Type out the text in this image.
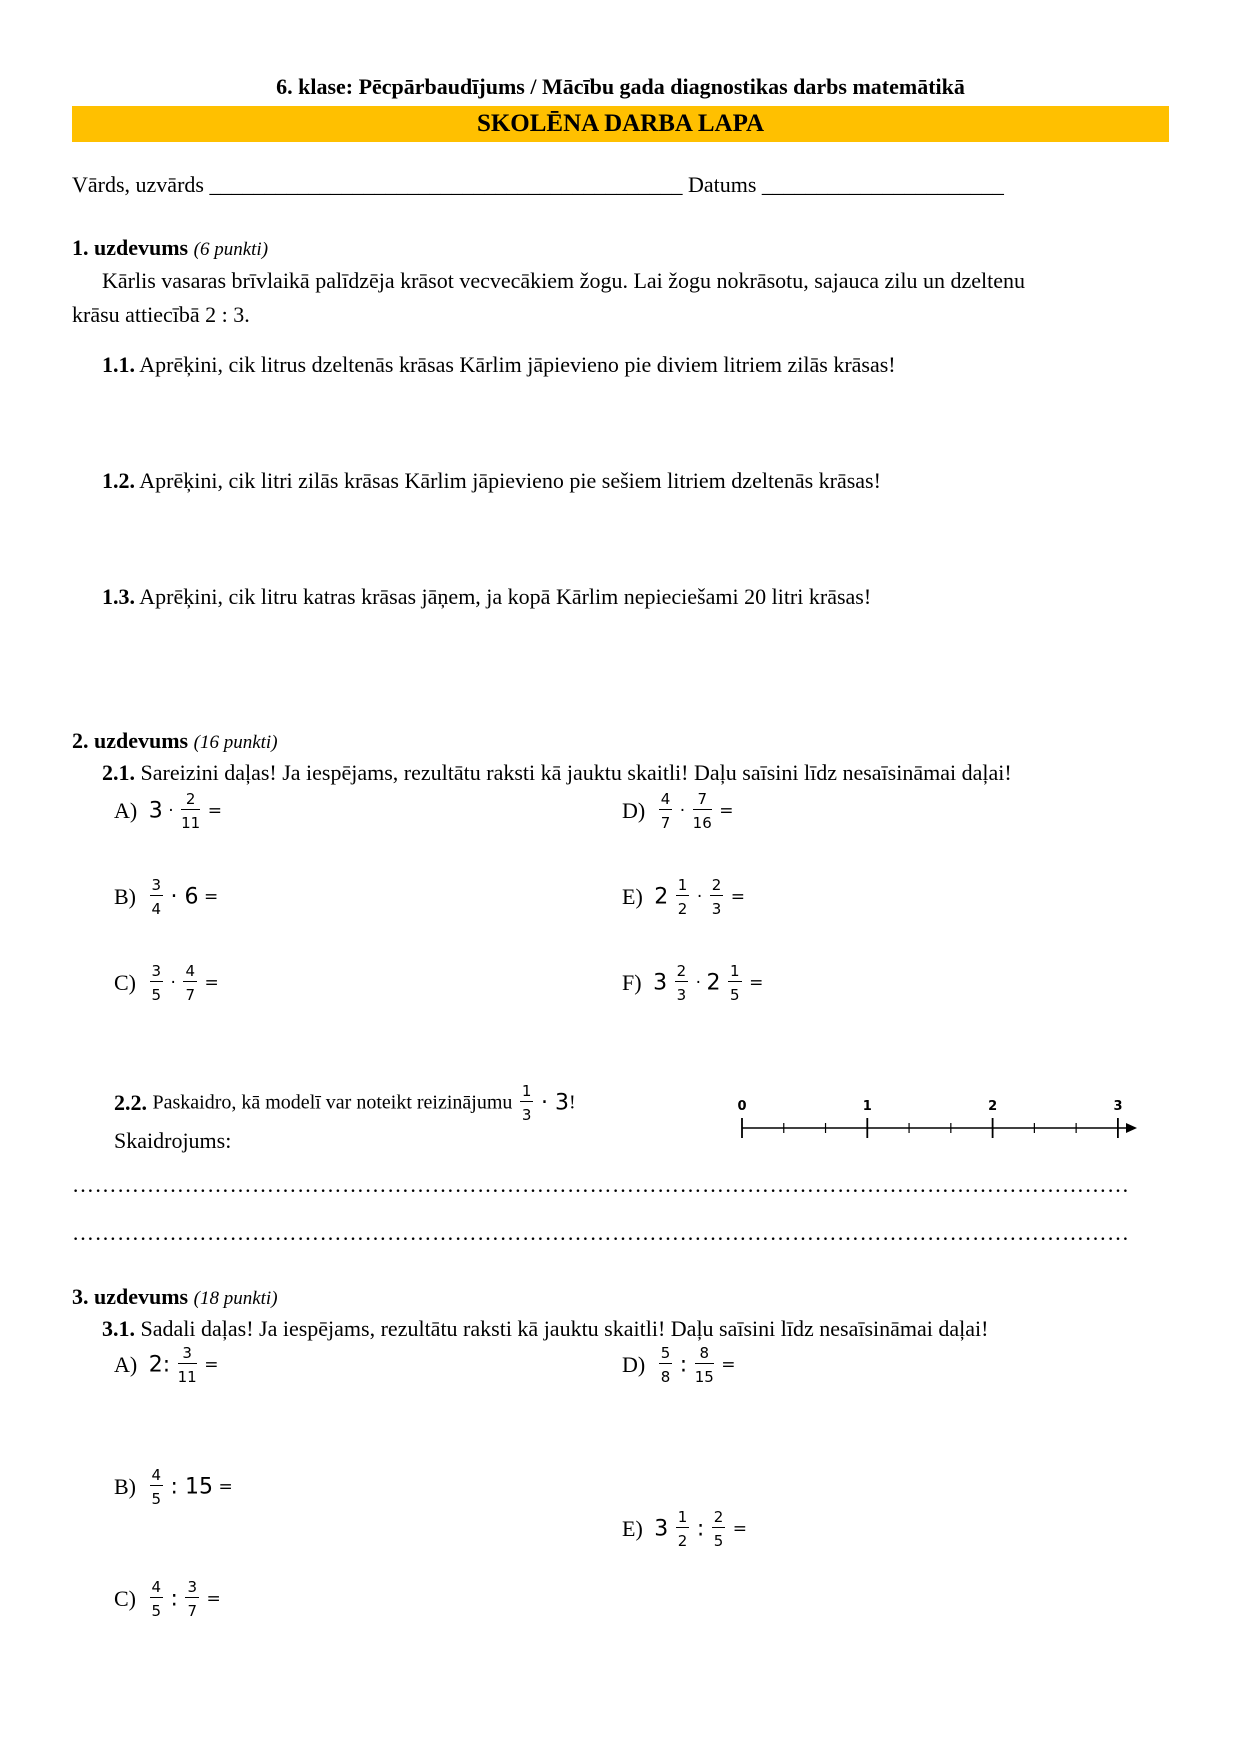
6. klase: Pēcpārbaudījums / Mācību gada diagnostikas darbs matemātikā
SKOLĒNA DARBA LAPA
Vārds, uzvārds ___________________________________________ Datums ______________________
1. uzdevums (6 punkti)
Kārlis vasaras brīvlaikā palīdzēja krāsot vecvecākiem žogu. Lai žogu nokrāsotu, sajauca zilu un dzeltenu
krāsu attiecībā 2 : 3.
1.1. Aprēķini, cik litrus dzeltenās krāsas Kārlim jāpievieno pie diviem litriem zilās krāsas!
1.2. Aprēķini, cik litri zilās krāsas Kārlim jāpievieno pie sešiem litriem dzeltenās krāsas!
1.3. Aprēķini, cik litru katras krāsas jāņem, ja kopā Kārlim nepieciešami 20 litri krāsas!
2. uzdevums (16 punkti)
2.1. Sareizini daļas! Ja iespējams, rezultātu raksti kā jauktu skaitli! Daļu saīsini līdz nesaīsināmai daļai!
A) $3 \cdot \frac{2}{11}$ =	$D) \frac{4}{7} \cdot \frac{7}{16}$ =
$B) \frac{3}{4} \cdot 6$ =	E) $2 \frac{1}{2} \cdot \frac{2}{3}$ =
$C) \frac{3}{5} \cdot \frac{4}{7}$ =	F) $3 \frac{2}{3} \cdot 2 \frac{1}{5}$ =
2.2. Paskaidro, kā modelī var noteikt reizinājumu $\frac{1}{3} \cdot 3$!	0	1	2	3
Skaidrojums:
……………………………………………………………………………………………………………………………
……………………………………………………………………………………………………………………………
3. uzdevums (18 punkti)
3.1. Sadali daļas! Ja iespējams, rezultātu raksti kā jauktu skaitli! Daļu saīsini līdz nesaīsināmai daļai!
A) 2: $\frac{3}{11}$ =	$D) \frac{5}{8}$ : $\frac{8}{15}$ =
$B) \frac{4}{5}$ : 15 =
E) $3 \frac{1}{2}$ : $\frac{2}{5}$ =
$C) \frac{4}{5}$ : $\frac{3}{7}$ =
